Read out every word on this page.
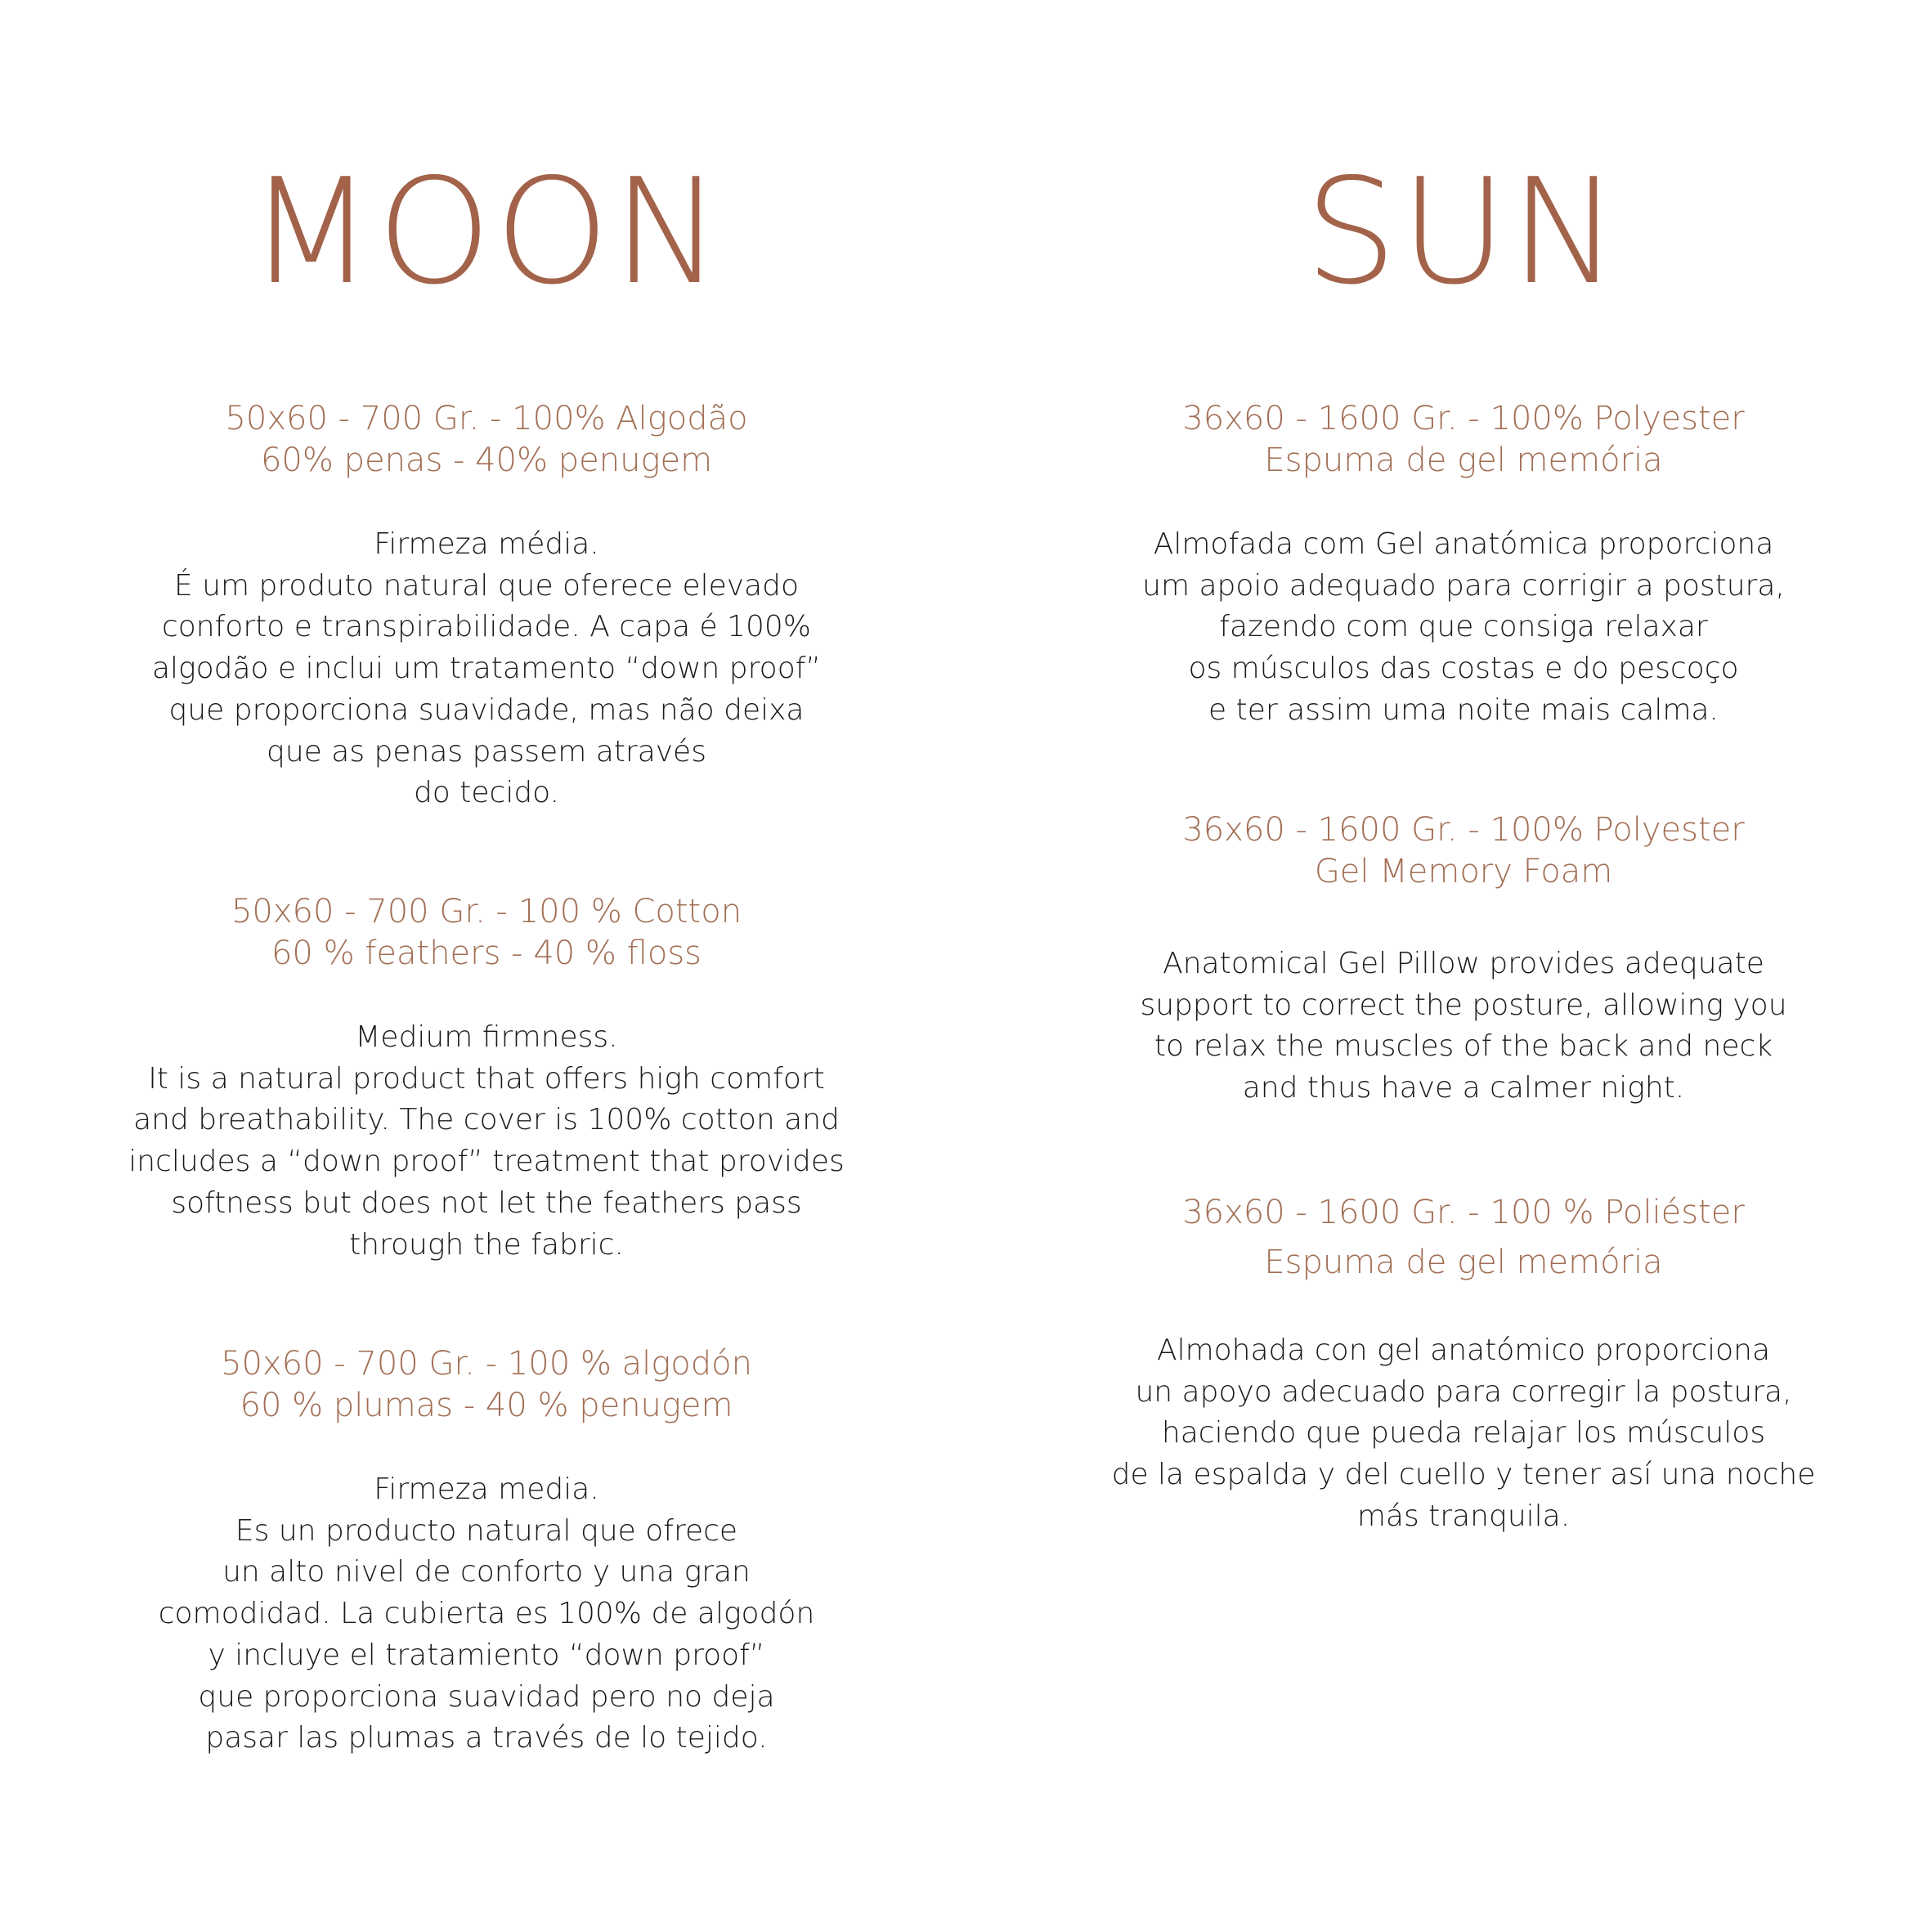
MOON
50x60 - 700 Gr. - 100% Algodão
60% penas - 40% penugem
Firmeza média.
É um produto natural que oferece elevado
conforto e transpirabilidade. A capa é 100%
algodão e inclui um tratamento “down proof”
que proporciona suavidade, mas não deixa
que as penas passem através
do tecido.
50x60 - 700 Gr. - 100 % Cotton
60 % feathers - 40 % floss
Medium firmness.
It is a natural product that offers high comfort
and breathability. The cover is 100% cotton and
includes a “down proof” treatment that provides
softness but does not let the feathers pass
through the fabric.
50x60 - 700 Gr. - 100 % algodón
60 % plumas - 40 % penugem
Firmeza media.
Es un producto natural que ofrece
un alto nivel de conforto y una gran
comodidad. La cubierta es 100% de algodón
y incluye el tratamiento “down proof”
que proporciona suavidad pero no deja
pasar las plumas a través de lo tejido.
SUN
36x60 - 1600 Gr. - 100% Polyester
Espuma de gel memória
Almofada com Gel anatómica proporciona
um apoio adequado para corrigir a postura,
fazendo com que consiga relaxar
os músculos das costas e do pescoço
e ter assim uma noite mais calma.
36x60 - 1600 Gr. - 100% Polyester
Gel Memory Foam
Anatomical Gel Pillow provides adequate
support to correct the posture, allowing you
to relax the muscles of the back and neck
and thus have a calmer night.
36x60 - 1600 Gr. - 100 % Poliéster
Espuma de gel memória
Almohada con gel anatómico proporciona
un apoyo adecuado para corregir la postura,
haciendo que pueda relajar los músculos
de la espalda y del cuello y tener así una noche
más tranquila.
